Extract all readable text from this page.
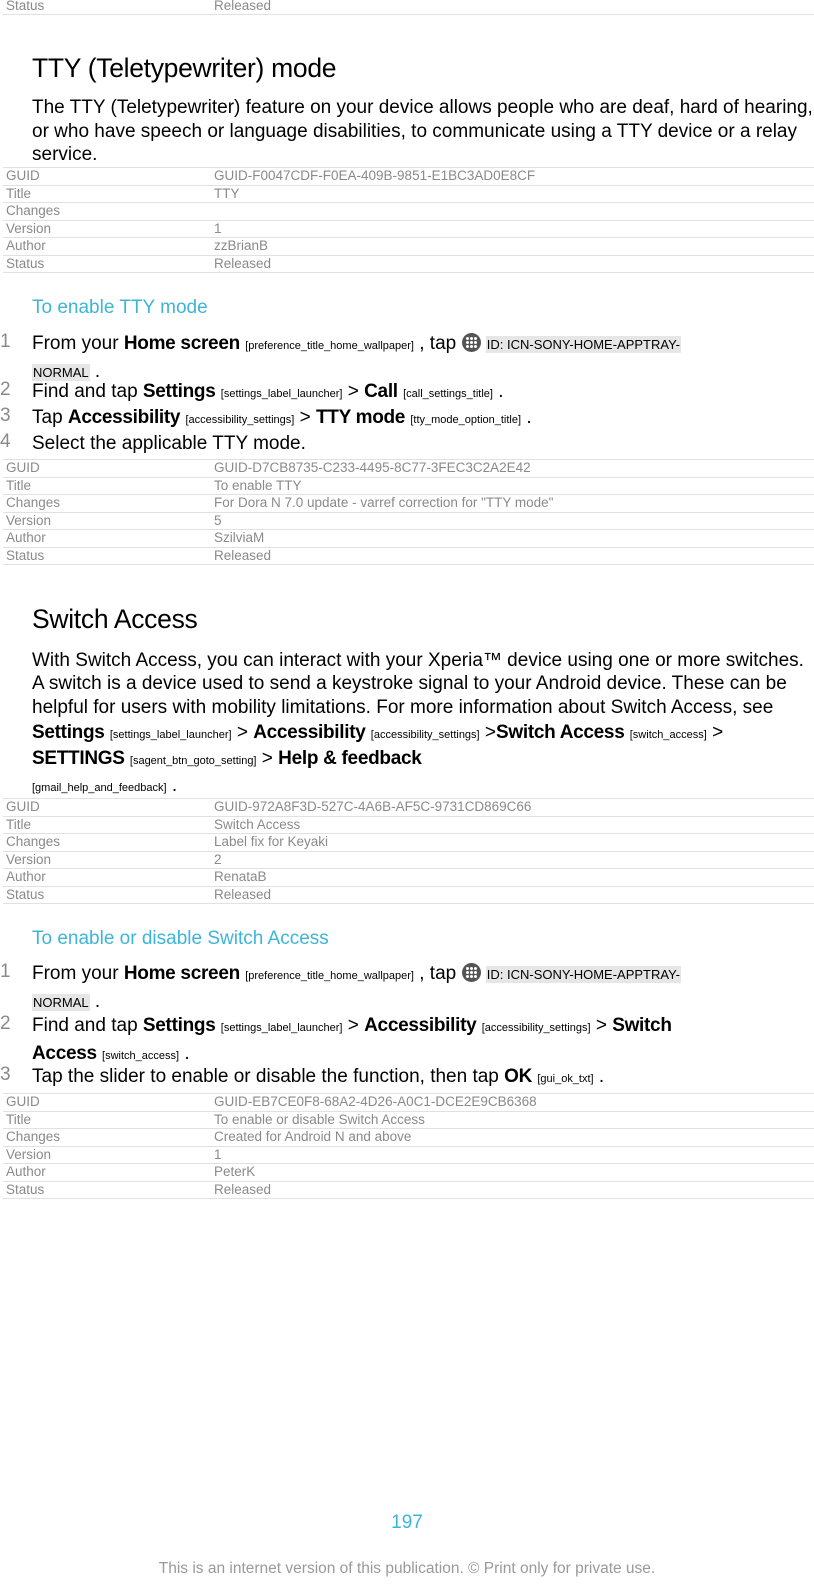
Status	Released
TTY (Teletypewriter) mode

The TTY (Teletypewriter) feature on your device allows people who are deaf, hard of hearing, or who have speech or language disabilities, to communicate using a TTY device or a relay service.

GUID	GUID-F0047CDF-F0EA-409B-9851-E1BC3AD0E8CF
Title	TTY
Changes	
Version	1
Author	zzBrianB
Status	Released
To enable TTY mode
1 From your Home screen [preference_title_home_wallpaper] , tap ID: ICN-SONY-HOME-APPTRAY-
NORMAL .
2 Find and tap Settings [settings_label_launcher] > Call [call_settings_title] .
3 Tap Accessibility [accessibility_settings] > TTY mode [tty_mode_option_title] .
4 Select the applicable TTY mode.
GUID	GUID-D7CB8735-C233-4495-8C77-3FEC3C2A2E42
Title	To enable TTY
Changes	For Dora N 7.0 update - varref correction for "TTY mode"
Version	5
Author	SzilviaM
Status	Released
Switch Access

With Switch Access, you can interact with your Xperia™ device using one or more switches. A switch is a device used to send a keystroke signal to your Android device. These can be helpful for users with mobility limitations. For more information about Switch Access, see Settings [settings_label_launcher] > Accessibility [accessibility_settings] >Switch Access [switch_access] > SETTINGS [sagent_btn_goto_setting] > Help & feedback
[gmail_help_and_feedback] .

GUID	GUID-972A8F3D-527C-4A6B-AF5C-9731CD869C66
Title	Switch Access
Changes	Label fix for Keyaki
Version	2
Author	RenataB
Status	Released
To enable or disable Switch Access
1 From your Home screen [preference_title_home_wallpaper] , tap ID: ICN-SONY-HOME-APPTRAY-
NORMAL .
2 Find and tap Settings [settings_label_launcher] > Accessibility [accessibility_settings] > Switch
Access [switch_access] .
3 Tap the slider to enable or disable the function, then tap OK [gui_ok_txt] .
GUID	GUID-EB7CE0F8-68A2-4D26-A0C1-DCE2E9CB6368
Title	To enable or disable Switch Access
Changes	Created for Android N and above
Version	1
Author	PeterK
Status	Released
197
This is an internet version of this publication. © Print only for private use.
